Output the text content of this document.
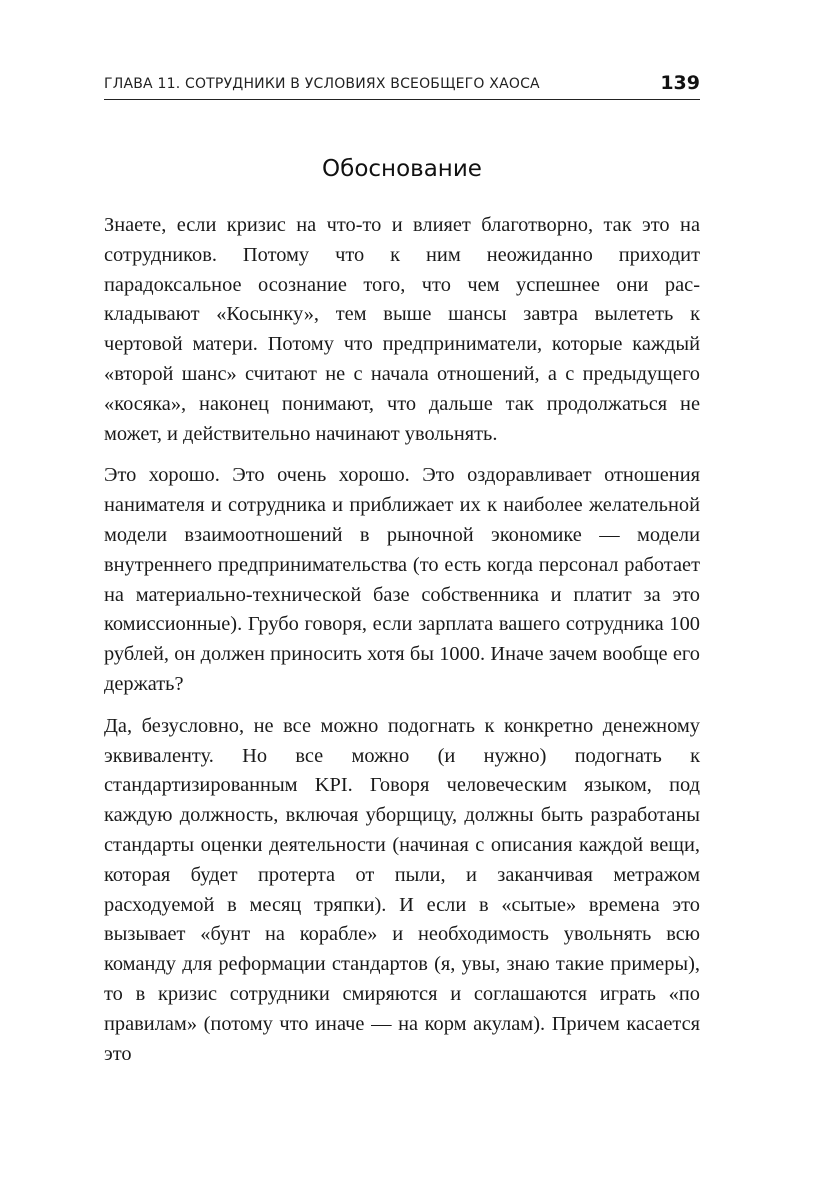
ГЛАВА 11. СОТРУДНИКИ В УСЛОВИЯХ ВСЕОБЩЕГО ХАОСА	139
Обоснование

Знаете, если кризис на что-то и влияет благотворно, так это на сотрудников. Потому что к ним неожиданно приходит парадоксальное осознание того, что чем успешнее они раскладывают «Косынку», тем выше шансы завтра вылететь к чертовой матери. Потому что предприниматели, которые каждый «второй шанс» считают не с начала отношений, а с предыдущего «косяка», наконец понимают, что дальше так продолжаться не может, и действительно начинают увольнять.

Это хорошо. Это очень хорошо. Это оздоравливает отношения нанимателя и сотрудника и приближает их к наиболее желательной модели взаимоотношений в рыночной экономике — модели внутреннего предпринимательства (то есть когда персонал работает на материально-технической базе собственника и платит за это комиссионные). Грубо говоря, если зарплата вашего сотрудника 100 рублей, он должен приносить хотя бы 1000. Иначе зачем вообще его держать?

Да, безусловно, не все можно подогнать к конкретно денежному эквиваленту. Но все можно (и нужно) подогнать к стандартизированным KPI. Говоря человеческим языком, под каждую должность, включая уборщицу, должны быть разработаны стандарты оценки деятельности (начиная с описания каждой вещи, которая будет протерта от пыли, и заканчивая метражом расходуемой в месяц тряпки). И если в «сытые» времена это вызывает «бунт на корабле» и необходимость увольнять всю команду для реформации стандартов (я, увы, знаю такие примеры), то в кризис сотрудники смиряются и соглашаются играть «по правилам» (потому что иначе — на корм акулам). Причем касается это
